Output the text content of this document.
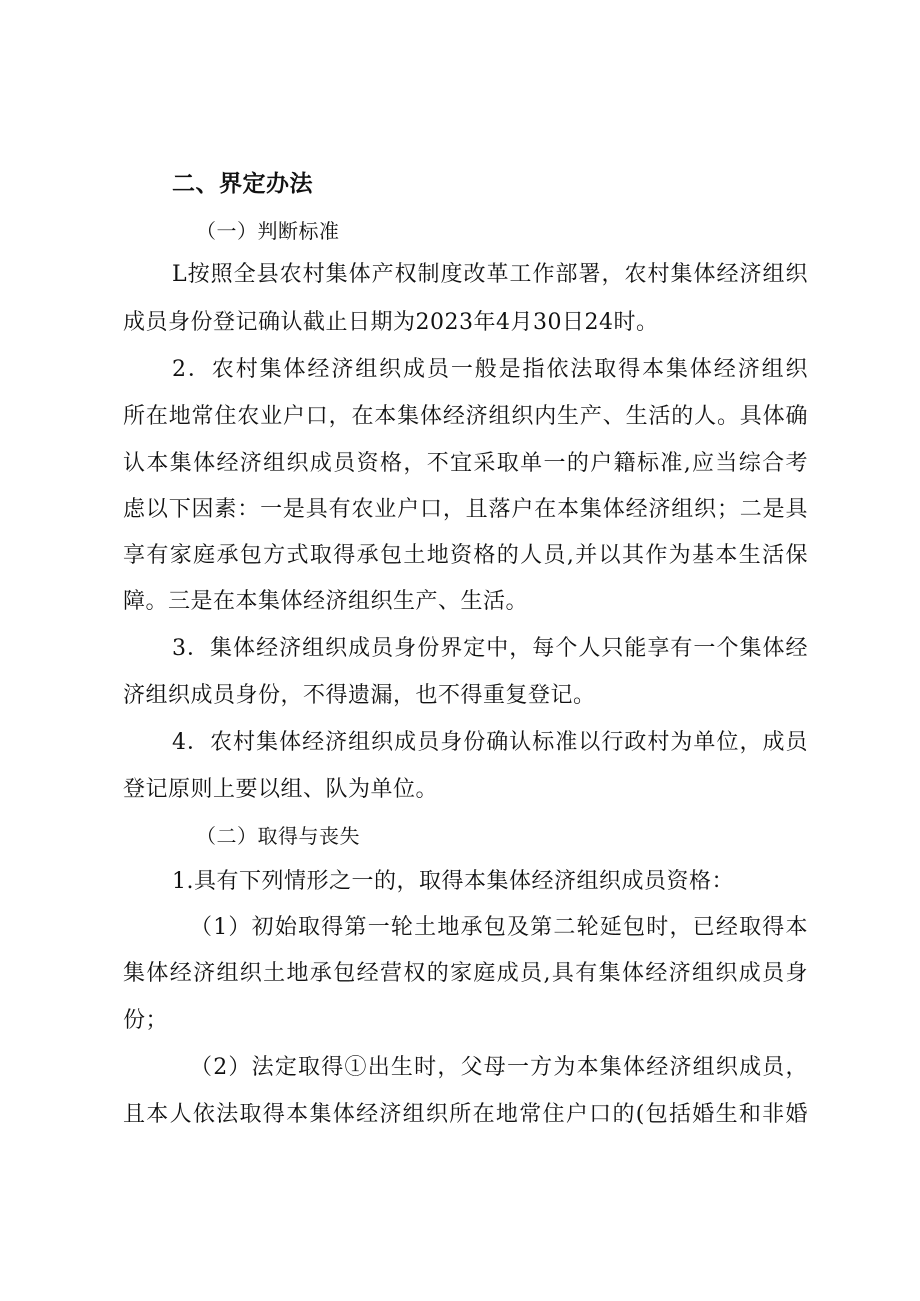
二、界定办法
（一）判断标准
L按照全县农村集体产权制度改革工作部署，农村集体经济组织
成员身份登记确认截止日期为2023年4月30日24时。
2．农村集体经济组织成员一般是指依法取得本集体经济组织
所在地常住农业户口，在本集体经济组织内生产、生活的人。具体确
认本集体经济组织成员资格，不宜采取单一的户籍标准,应当综合考
虑以下因素：一是具有农业户口，且落户在本集体经济组织；二是具
享有家庭承包方式取得承包土地资格的人员,并以其作为基本生活保
障。三是在本集体经济组织生产、生活。
3．集体经济组织成员身份界定中，每个人只能享有一个集体经
济组织成员身份，不得遗漏，也不得重复登记。
4．农村集体经济组织成员身份确认标准以行政村为单位，成员
登记原则上要以组、队为单位。
（二）取得与丧失
1.具有下列情形之一的，取得本集体经济组织成员资格：
（1）初始取得第一轮土地承包及第二轮延包时，已经取得本
集体经济组织土地承包经营权的家庭成员,具有集体经济组织成员身
份；
（2）法定取得①出生时，父母一方为本集体经济组织成员，
且本人依法取得本集体经济组织所在地常住户口的(包括婚生和非婚
